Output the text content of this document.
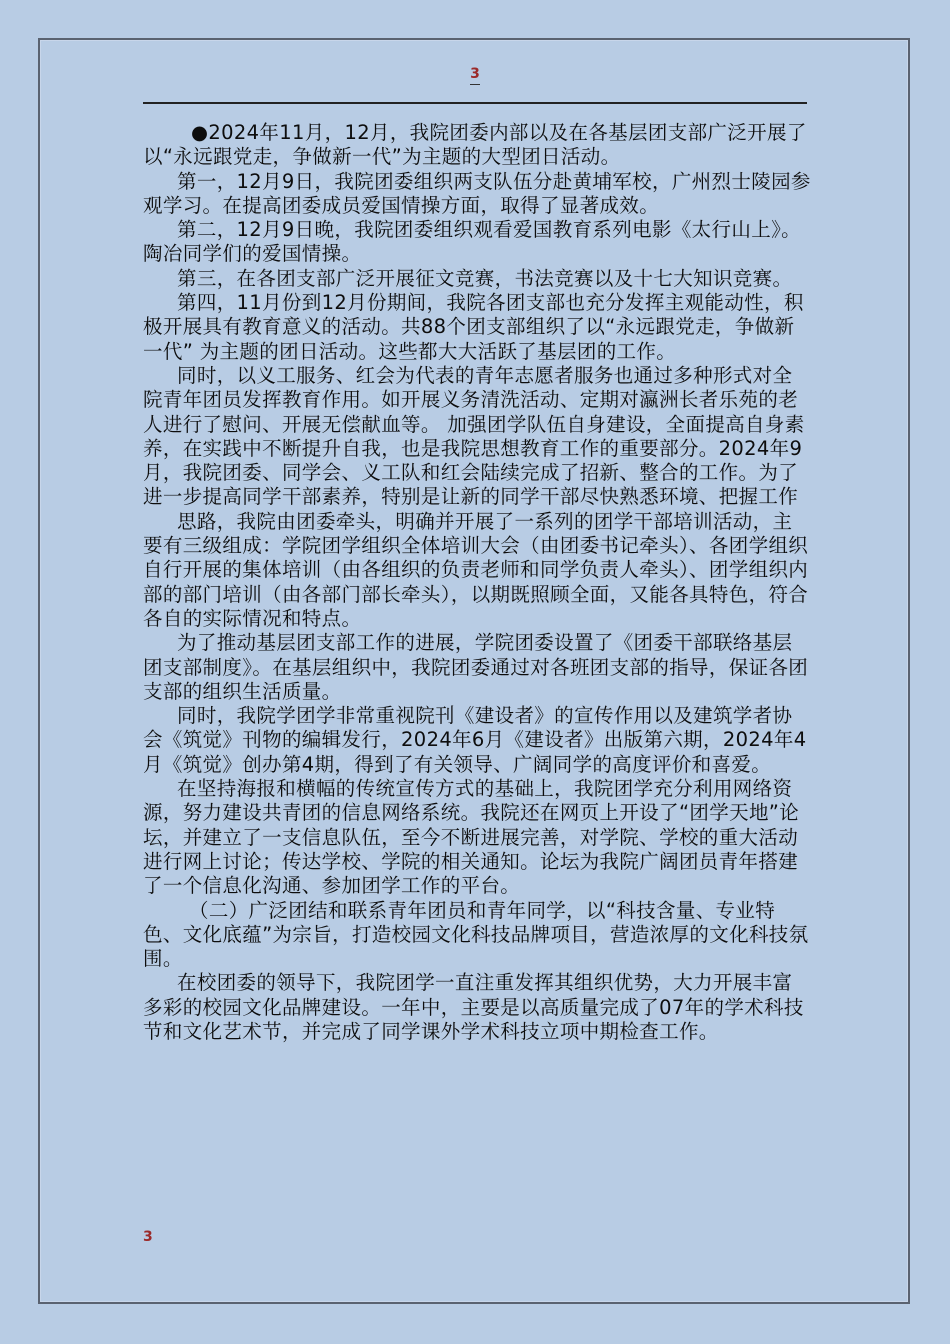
3

●2024年11月，12月，我院团委内部以及在各基层团支部广泛开展了以“永远跟党走，争做新一代”为主题的大型团日活动。

第一，12月9日，我院团委组织两支队伍分赴黄埔军校，广州烈士陵园参观学习。在提高团委成员爱国情操方面，取得了显著成效。

第二，12月9日晚，我院团委组织观看爱国教育系列电影《太行山上》。陶冶同学们的爱国情操。

第三，在各团支部广泛开展征文竞赛，书法竞赛以及十七大知识竞赛。

第四，11月份到12月份期间，我院各团支部也充分发挥主观能动性，积极开展具有教育意义的活动。共88个团支部组织了以“永远跟党走，争做新一代” 为主题的团日活动。这些都大大活跃了基层团的工作。

同时，以义工服务、红会为代表的青年志愿者服务也通过多种形式对全院青年团员发挥教育作用。如开展义务清洗活动、定期对瀛洲长者乐苑的老人进行了慰问、开展无偿献血等。 加强团学队伍自身建设，全面提高自身素养，在实践中不断提升自我，也是我院思想教育工作的重要部分。2024年9月，我院团委、同学会、义工队和红会陆续完成了招新、整合的工作。为了进一步提高同学干部素养，特别是让新的同学干部尽快熟悉环境、把握工作

思路，我院由团委牵头，明确并开展了一系列的团学干部培训活动，主要有三级组成：学院团学组织全体培训大会（由团委书记牵头）、各团学组织自行开展的集体培训（由各组织的负责老师和同学负责人牵头）、团学组织内部的部门培训（由各部门部长牵头），以期既照顾全面，又能各具特色，符合各自的实际情况和特点。

为了推动基层团支部工作的进展，学院团委设置了《团委干部联络基层团支部制度》。在基层组织中，我院团委通过对各班团支部的指导，保证各团支部的组织生活质量。

同时，我院学团学非常重视院刊《建设者》的宣传作用以及建筑学者协会《筑觉》刊物的编辑发行，2024年6月《建设者》出版第六期，2024年4月《筑觉》创办第4期，得到了有关领导、广阔同学的高度评价和喜爱。

在坚持海报和横幅的传统宣传方式的基础上，我院团学充分利用网络资源，努力建设共青团的信息网络系统。我院还在网页上开设了“团学天地”论坛，并建立了一支信息队伍，至今不断进展完善，对学院、学校的重大活动进行网上讨论；传达学校、学院的相关通知。论坛为我院广阔团员青年搭建了一个信息化沟通、参加团学工作的平台。

（二）广泛团结和联系青年团员和青年同学，以“科技含量、专业特色、文化底蕴”为宗旨，打造校园文化科技品牌项目，营造浓厚的文化科技氛围。

在校团委的领导下，我院团学一直注重发挥其组织优势，大力开展丰富多彩的校园文化品牌建设。一年中，主要是以高质量完成了07年的学术科技节和文化艺术节，并完成了同学课外学术科技立项中期检查工作。

3
